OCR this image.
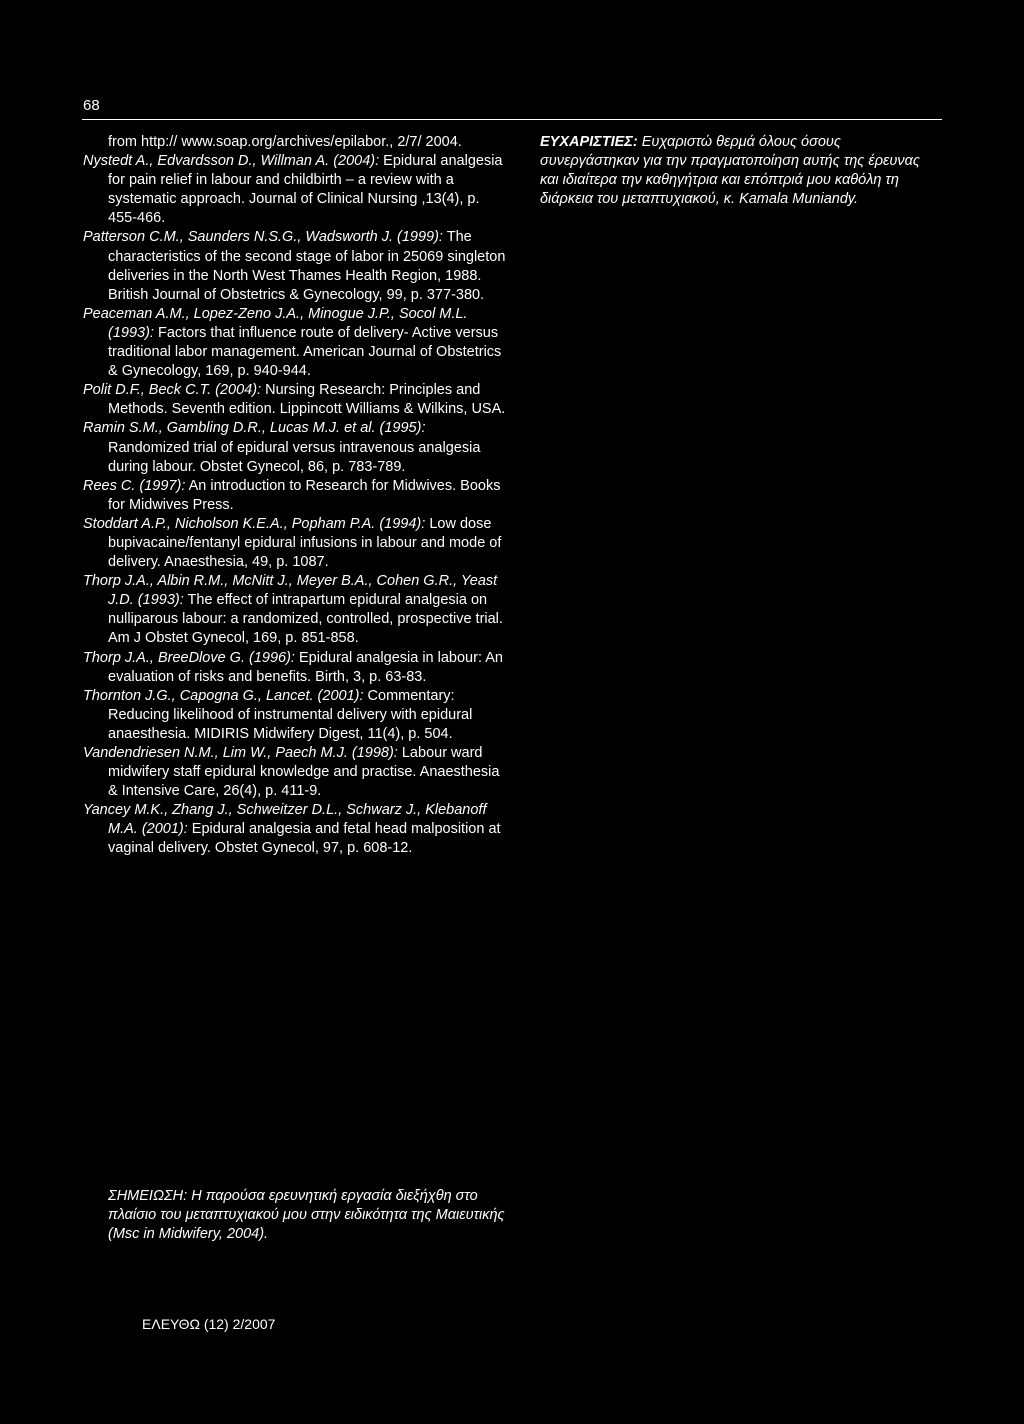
68
from http:// www.soap.org/archives/epilabor., 2/7/ 2004.
Nystedt A., Edvardsson D., Willman A. (2004): Epidural analgesia for pain relief in labour and childbirth – a review with a systematic approach. Journal of Clinical Nursing ,13(4), p. 455-466.
Patterson C.M., Saunders N.S.G., Wadsworth J. (1999): The characteristics of the second stage of labor in 25069 singleton deliveries in the North West Thames Health Region, 1988. British Journal of Obstetrics & Gynecology, 99, p. 377-380.
Peaceman A.M., Lopez-Zeno J.A., Minogue J.P., Socol M.L. (1993): Factors that influence route of delivery- Active versus traditional labor management. American Journal of Obstetrics & Gynecology, 169, p. 940-944.
Polit D.F., Beck C.T. (2004): Nursing Research: Principles and Methods. Seventh edition. Lippincott Williams & Wilkins, USA.
Ramin S.M., Gambling D.R., Lucas M.J. et al. (1995): Randomized trial of epidural versus intravenous analgesia during labour. Obstet Gynecol, 86, p. 783-789.
Rees C. (1997): An introduction to Research for Midwives. Books for Midwives Press.
Stoddart A.P., Nicholson K.E.A., Popham P.A. (1994): Low dose bupivacaine/fentanyl epidural infusions in labour and mode of delivery. Anaesthesia, 49, p. 1087.
Thorp J.A., Albin R.M., McNitt J., Meyer B.A., Cohen G.R., Yeast J.D. (1993): The effect of intrapartum epidural analgesia on nulliparous labour: a randomized, controlled, prospective trial. Am J Obstet Gynecol, 169, p. 851-858.
Thorp J.A., BreeDlove G. (1996): Epidural analgesia in labour: An evaluation of risks and benefits. Birth, 3, p. 63-83.
Thornton J.G., Capogna G., Lancet. (2001): Commentary: Reducing likelihood of instrumental delivery with epidural anaesthesia. MIDIRIS Midwifery Digest, 11(4), p. 504.
Vandendriesen N.M., Lim W., Paech M.J. (1998): Labour ward midwifery staff epidural knowledge and practise. Anaesthesia & Intensive Care, 26(4), p. 411-9.
Yancey M.K., Zhang J., Schweitzer D.L., Schwarz J., Klebanoff M.A. (2001): Epidural analgesia and fetal head malposition at vaginal delivery. Obstet Gynecol, 97, p. 608-12.
ΕΥΧΑΡΙΣΤΙΕΣ: Ευχαριστώ θερμά όλους όσους συνεργάστηκαν για την πραγματοποίηση αυτής της έρευνας και ιδιαίτερα την καθηγήτρια και επόπτριά μου καθόλη τη διάρκεια του μεταπτυχιακού, κ. Kamala Muniandy.
ΣΗΜΕΙΩΣΗ: Η παρούσα ερευνητική εργασία διεξήχθη στο πλαίσιο του μεταπτυχιακού μου στην ειδικότητα της Μαιευτικής (Msc in Midwifery, 2004).
ΕΛΕΥΘΩ (12) 2/2007
